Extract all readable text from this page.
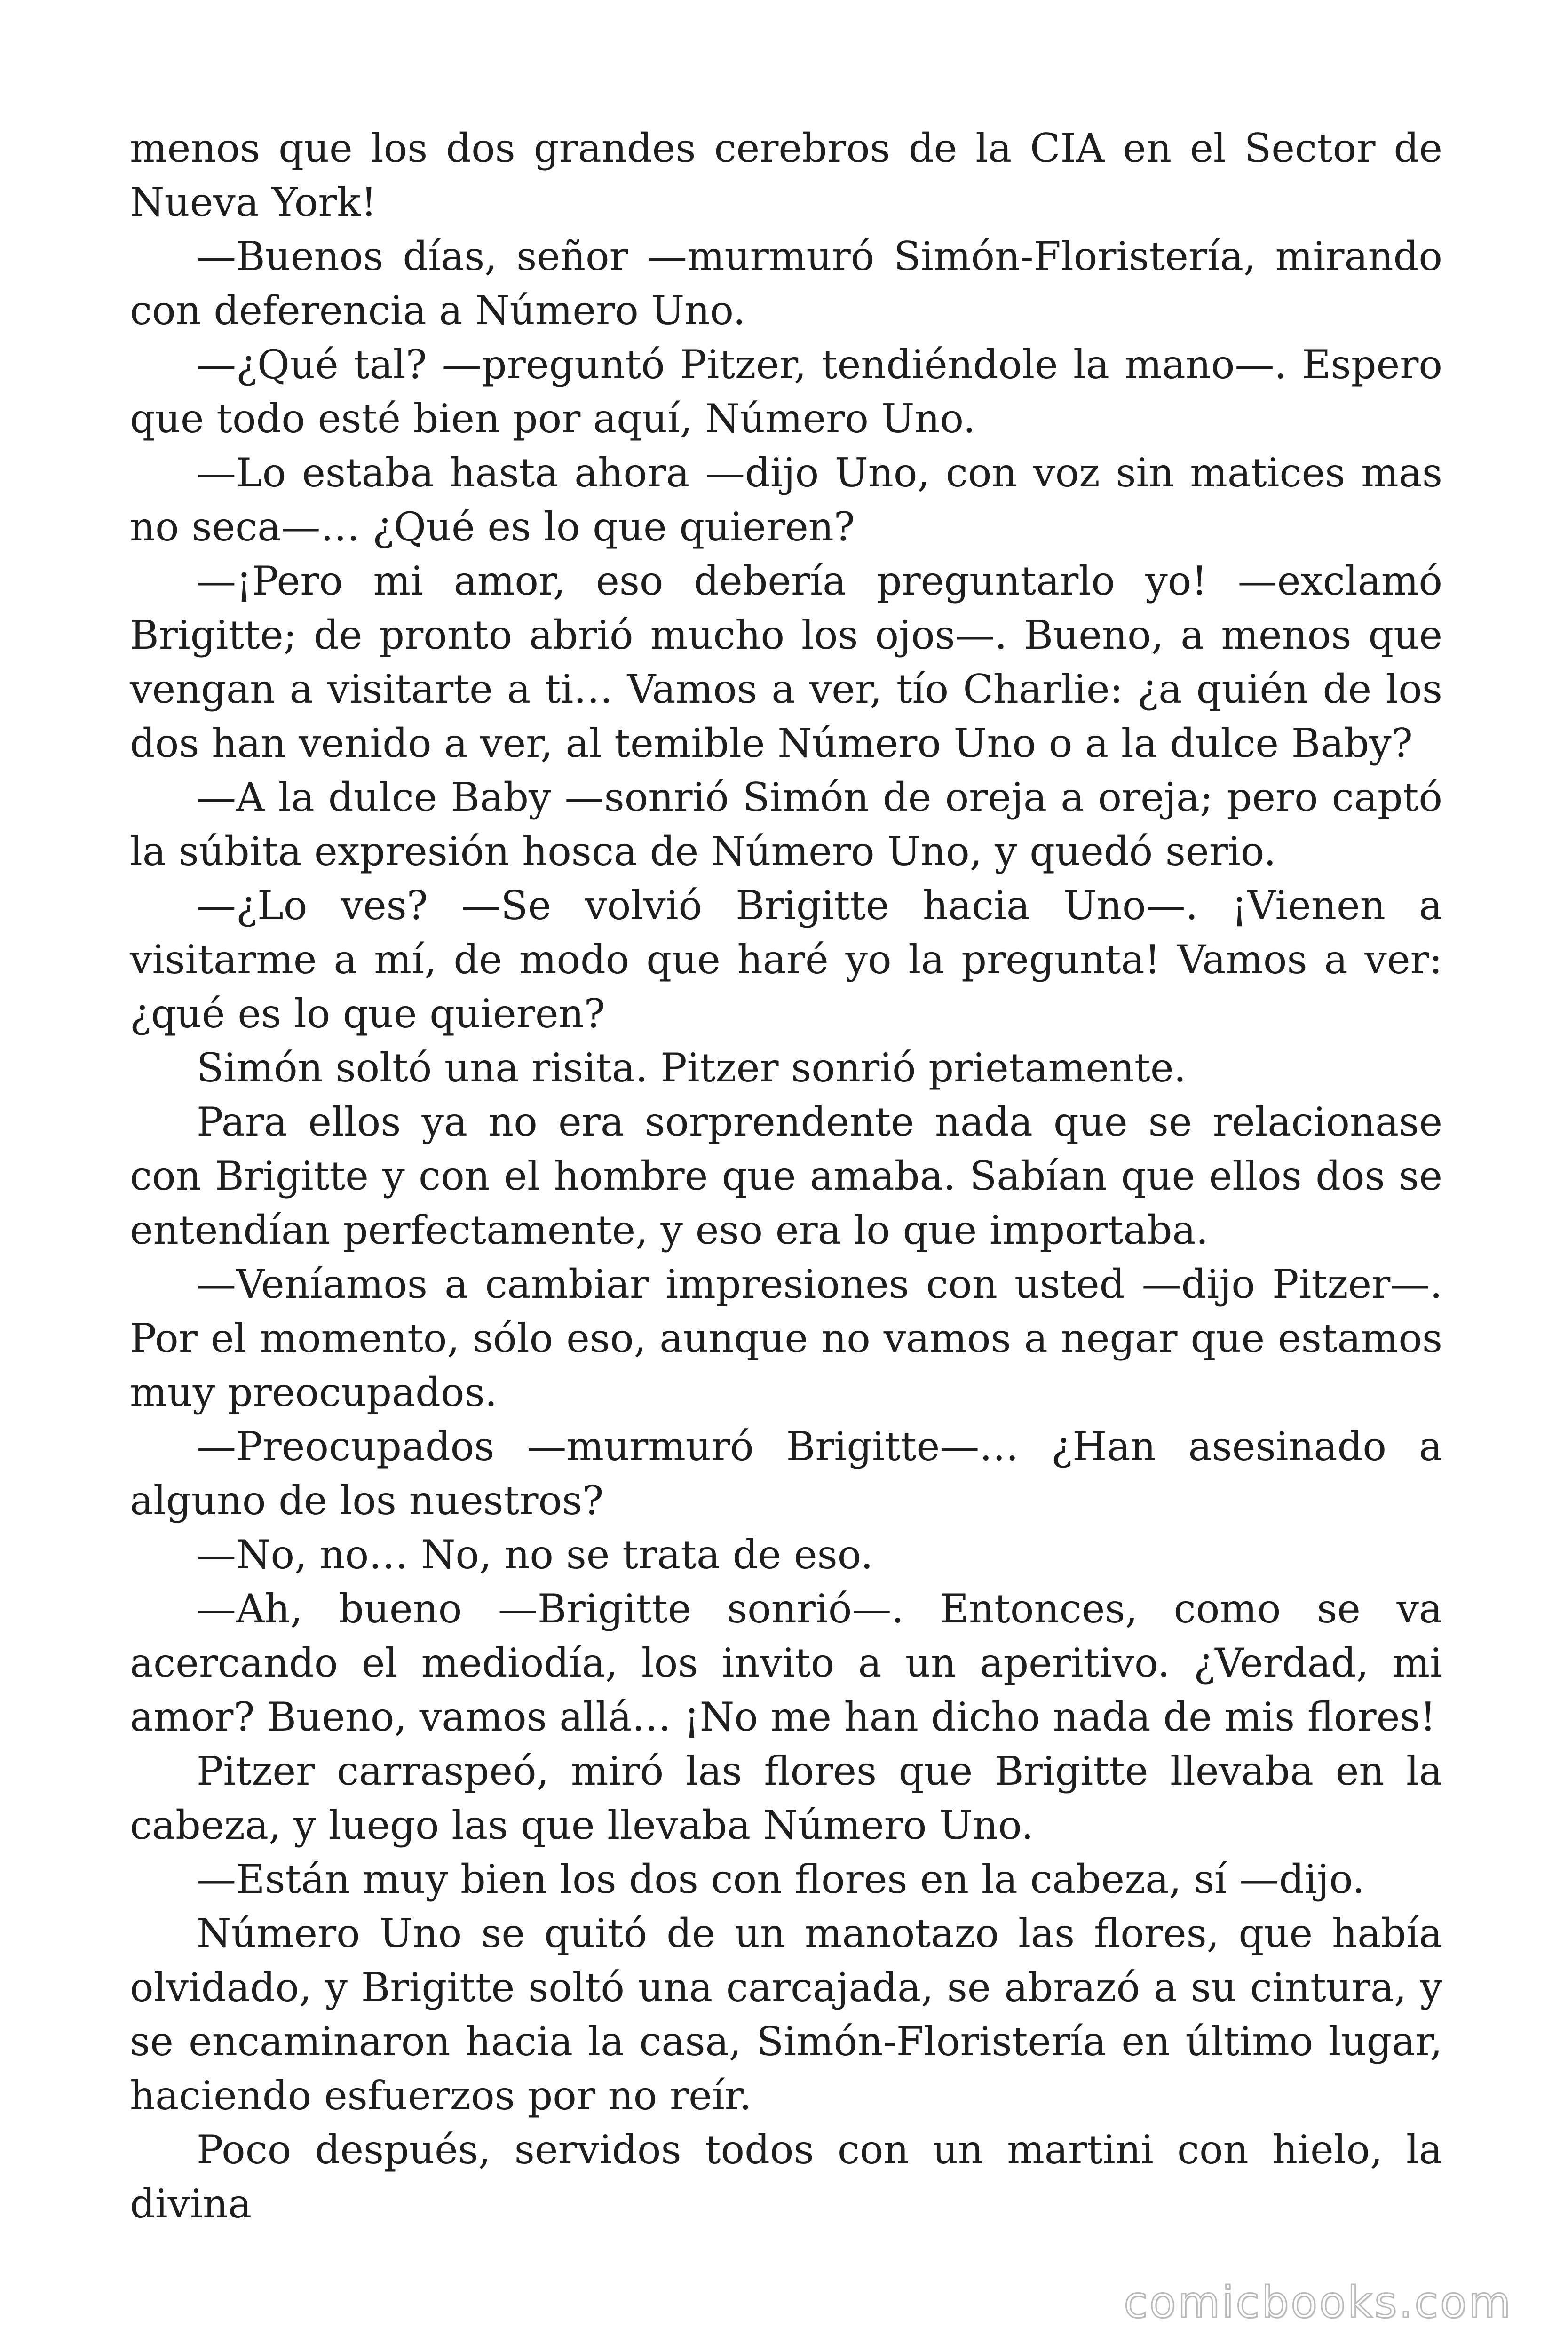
menos que los dos grandes cerebros de la CIA en el Sector de Nueva York!

—Buenos días, señor —murmuró Simón-Floristería, mirando con deferencia a Número Uno.

—¿Qué tal? —preguntó Pitzer, tendiéndole la mano—. Espero que todo esté bien por aquí, Número Uno.

—Lo estaba hasta ahora —dijo Uno, con voz sin matices mas no seca—… ¿Qué es lo que quieren?

—¡Pero mi amor, eso debería preguntarlo yo! —exclamó Brigitte; de pronto abrió mucho los ojos—. Bueno, a menos que vengan a visitarte a ti… Vamos a ver, tío Charlie: ¿a quién de los dos han venido a ver, al temible Número Uno o a la dulce Baby?

—A la dulce Baby —sonrió Simón de oreja a oreja; pero captó la súbita expresión hosca de Número Uno, y quedó serio.

—¿Lo ves? —Se volvió Brigitte hacia Uno—. ¡Vienen a visitarme a mí, de modo que haré yo la pregunta! Vamos a ver: ¿qué es lo que quieren?

Simón soltó una risita. Pitzer sonrió prietamente.

Para ellos ya no era sorprendente nada que se relacionase con Brigitte y con el hombre que amaba. Sabían que ellos dos se entendían perfectamente, y eso era lo que importaba.

—Veníamos a cambiar impresiones con usted —dijo Pitzer—. Por el momento, sólo eso, aunque no vamos a negar que estamos muy preocupados.

—Preocupados —murmuró Brigitte—… ¿Han asesinado a alguno de los nuestros?

—No, no… No, no se trata de eso.

—Ah, bueno —Brigitte sonrió—. Entonces, como se va acercando el mediodía, los invito a un aperitivo. ¿Verdad, mi amor? Bueno, vamos allá… ¡No me han dicho nada de mis flores!

Pitzer carraspeó, miró las flores que Brigitte llevaba en la cabeza, y luego las que llevaba Número Uno.

—Están muy bien los dos con flores en la cabeza, sí —dijo.

Número Uno se quitó de un manotazo las flores, que había olvidado, y Brigitte soltó una carcajada, se abrazó a su cintura, y se encaminaron hacia la casa, Simón-Floristería en último lugar, haciendo esfuerzos por no reír.

Poco después, servidos todos con un martini con hielo, la divina

comicbooks.com
